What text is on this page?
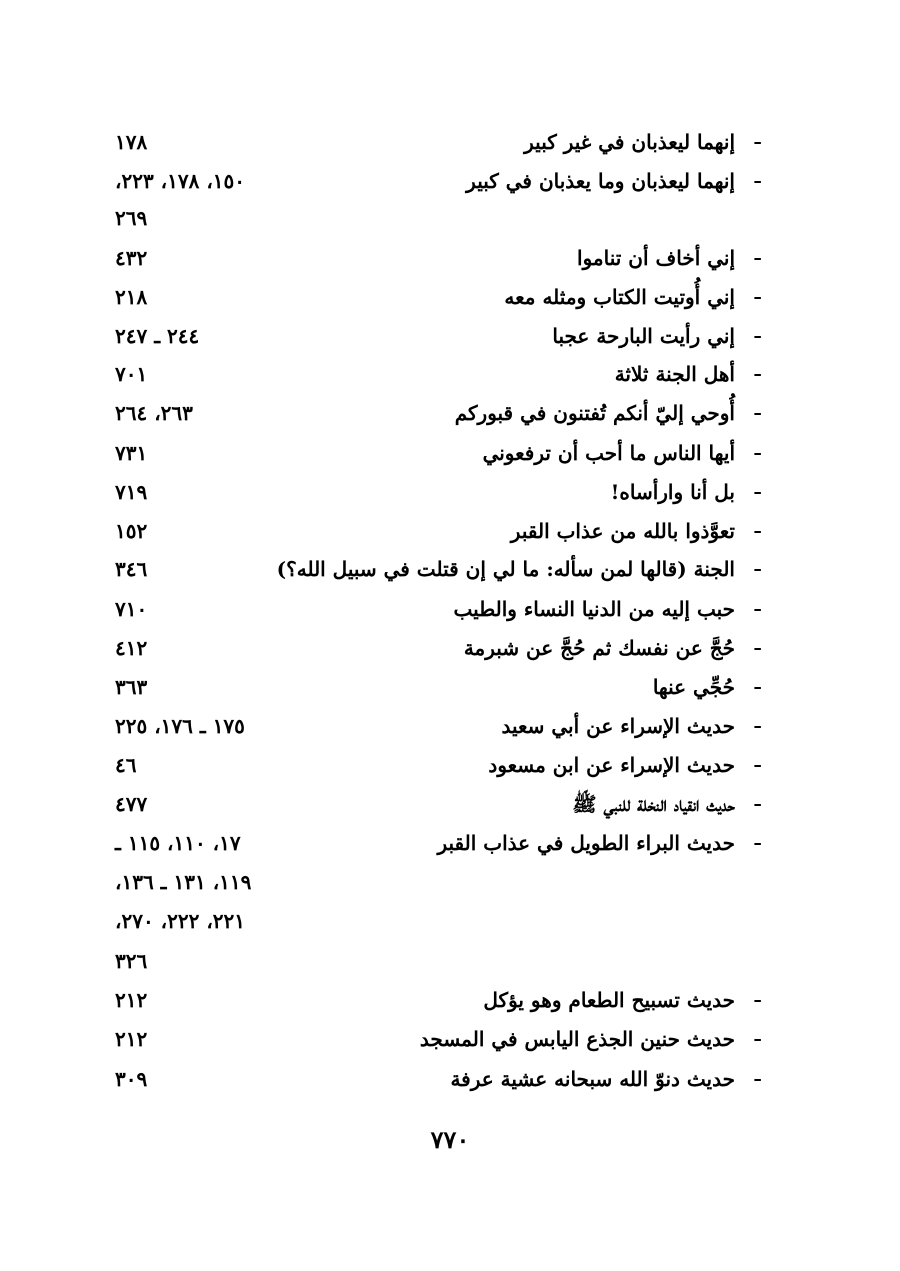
-
إنهما ليعذبان في غير كبير
١٧٨
-
إنهما ليعذبان وما يعذبان في كبير
١٥٠، ١٧٨، ٢٢٣،
٢٦٩
-
إني أخاف أن تناموا
٤٣٢
-
إني أُوتيت الكتاب ومثله معه
٢١٨
-
إني رأيت البارحة عجبا
٢٤٤ ـ ٢٤٧
-
أهل الجنة ثلاثة
٧٠١
-
أُوحي إليّ أنكم تُفتنون في قبوركم
٢٦٣، ٢٦٤
-
أيها الناس ما أحب أن ترفعوني
٧٣١
-
بل أنا وارأساه!
٧١٩
-
تعوَّذوا بالله من عذاب القبر
١٥٢
-
الجنة (قالها لمن سأله: ما لي إن قتلت في سبيل الله؟)
٣٤٦
-
حبب إليه من الدنيا النساء والطيب
٧١٠
-
حُجَّ عن نفسك ثم حُجَّ عن شبرمة
٤١٢
-
حُجِّي عنها
٣٦٣
-
حديث الإسراء عن أبي سعيد
١٧٥ ـ ١٧٦، ٢٢٥
-
حديث الإسراء عن ابن مسعود
٤٦
-
حديث انقياد النخلة للنبي ﷺ
٤٧٧
-
حديث البراء الطويل في عذاب القبر
١٧، ١١٠، ١١٥ ـ
١١٩، ١٣١ ـ ١٣٦،
٢٢١، ٢٢٢، ٢٧٠،
٣٢٦
-
حديث تسبيح الطعام وهو يؤكل
٢١٢
-
حديث حنين الجذع اليابس في المسجد
٢١٢
-
حديث دنوّ الله سبحانه عشية عرفة
٣٠٩
٧٧٠
